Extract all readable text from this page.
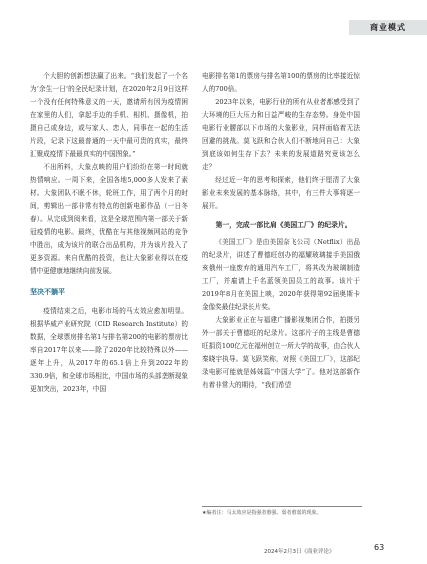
商业模式

个大胆的创新想法赢了出来。“我们发起了一个名为‘余生一日’的全民纪录计划，在2020年2月9日这样一个没有任何特殊意义的一天，邀请所有因为疫情困在家里的人们，拿起手边的手机、相机、摄像机，拍摄自己或身边，或与家人、恋人，同事在一起的生活片段，记录下这最普通的一天中最可贵的真实，最终汇聚成疫情下最最真实的中国图象。”

不出所料，大象点映的用户们纷纷在第一时间就热情响应。一周下来，全国各地5,000多人发来了素材。大象团队不眠不休，轮班工作，用了两个月的时间，剪辑出一部非常有特点的创新电影作品（一日冬春）。从完成到阅来看，这是全球范围内第一部关于新冠疫情的电影。最终，优酷在与其他视频网站的竞争中胜出，成为该片的联合出品机构，并为该片投入了更多资源。来自优酷的投资，也让大象影业得以在疫情中更健康地继续向前发展。

坚决不躺平

疫情结束之后，电影市场的马太效应愈加明显。根据华威产业研究院（CID Research Institute）的数据，全球票房排名第1与排名第200的电影的票房比率自2017年以来——除了2020年比较特殊以外——逐年上升，从2017年的65.1倍上升到2022年的330.9倍，和全球市场相比，中国市场的头部垄断现象更加突出，2023年，中国

电影排名第1的票房与排名第100的票房的比率接近惊人的700倍。

2023年以来，电影行业的所有从业者都感受到了大环境的巨大压力和日益严峻的生存态势。身处中国电影行业腰部以下市场的大象影业，同样面临着无法回避的挑战。莫飞跃和合伙人们不断地问自己：大象到底该如何生存下去？未来的发展道路究竟该怎么走？

经过近一年的思考和探索，他们终于厘清了大象影业未来发展的基本脉络，其中，有三件大事将逐一展开。

第一，完成一部比肩《美国工厂》的纪录片。

《美国工厂》是由美国奈飞公司（Netflix）出品的纪录片，讲述了曹德旺创办的福耀玻璃接手美国俄亥俄州一座废弃的通用汽车工厂，将其改为玻璃制造工厂，并雇请上千名蓝领美国员工的故事。该片于2019年8月在美国上映，2020年获得第92届奥斯卡金像奖最佳纪录长片奖。

大象影业正在与福建广播影视集团合作，拍摄另外一部关于曹德旺的纪录片。这部片子的主线是曹德旺捐资100亿元在福州创立一所大学的故事，由合伙人秦晓宇执导。莫飞跃笑称，对照《美国工厂》，这部纪录电影可能就是姊妹篇“中国大学”了。他对这部新作有着非常大的期待，“我们希望

★编者注：马太效应是指强者愈强、弱者愈弱的现象。
2024年2月3日《商业评论》	63
